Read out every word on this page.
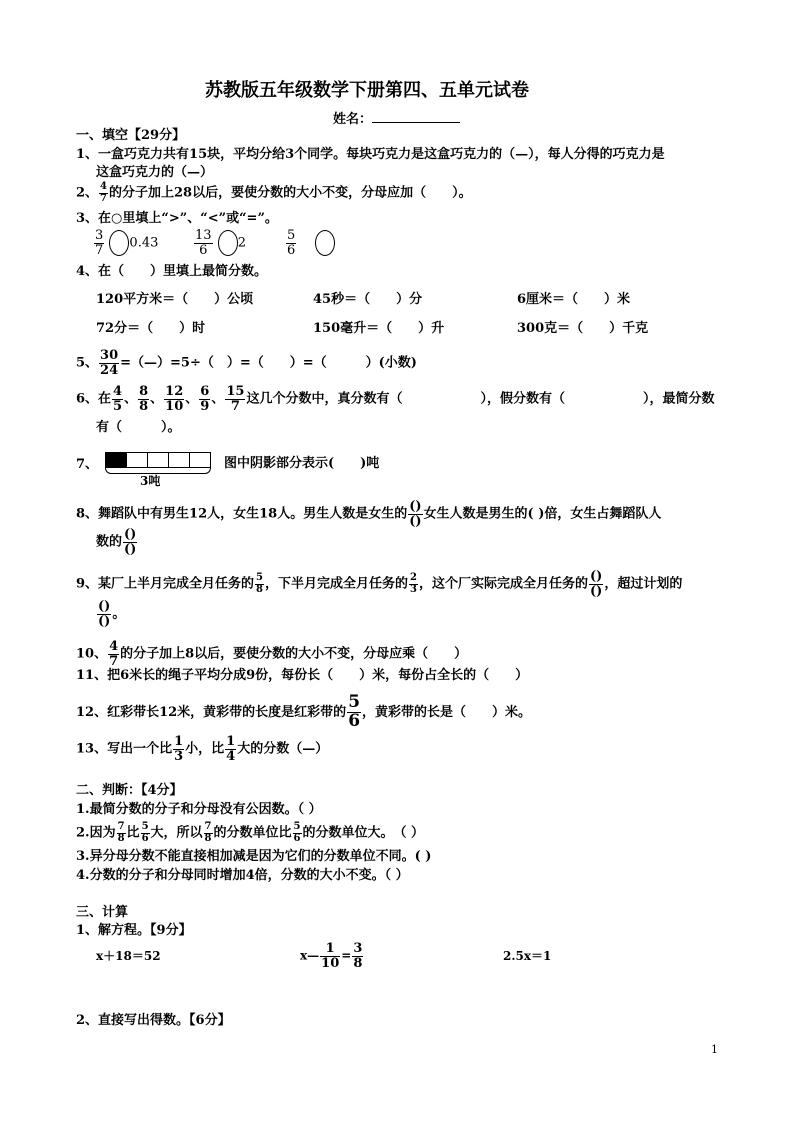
苏教版五年级数学下册第四、五单元试卷
姓名：
一、填空【29分】
1、一盒巧克力共有15块，平均分给3个同学。每块巧克力是这盒巧克力的（—），每人分得的巧克力是
这盒巧克力的（—）
2、 $\frac{4}{7}$ 的分子加上28以后，要使分数的大小不变，分母应加（　　）。
3、在○里填上“>”、“<”或“=”。
$\frac{3}{7} 0.43$	$\frac{13}{6} 2$	$\frac{5}{6}$

4、在（　　）里填上最简分数。
120平方米＝（　　）公顷	45秒＝（　　）分	6厘米＝（　　）米
72分＝（　　）时	150毫升＝（　　）升	300克＝（　　）千克
5、 $\frac{30}{24}$ =（—）=5÷（　）=（　　）=（　　　）(小数)
6、在 $\frac{4}{5}$ 、 $\frac{8}{8}$ 、 $\frac{12}{10}$ 、 $\frac{6}{9}$ 、 $\frac{15}{7}$ 这几个分数中，真分数有（　　　　　　），假分数有（　　　　　　），最简分数
有（　　　）。
7、
3吨
图中阴影部分表示(　　)吨
8、舞蹈队中有男生12人，女生18人。男生人数是女生的 $\frac{()}{()}$ 女生人数是男生的( )倍，女生占舞蹈队人
数的 $\frac{()}{()}$
9、某厂上半月完成全月任务的 $\frac{5}{8}$ ，下半月完成全月任务的 $\frac{2}{3}$ ，这个厂实际完成全月任务的 $\frac{()}{()}$ ，超过计划的
$\frac{()}{()}$ 。
10、 $\frac{4}{7}$ 的分子加上8以后，要使分数的大小不变，分母应乘（　　）
11、把6米长的绳子平均分成9份，每份长（　　）米，每份占全长的（　　）
12、红彩带长12米，黄彩带的长度是红彩带的 $\frac{5}{6}$ ，黄彩带的长是（　　）米。
13、写出一个比 $\frac{1}{3}$ 小，比 $\frac{1}{4}$ 大的分数（—）
二、判断：【4分】
1.最简分数的分子和分母没有公因数。（ ）
2.因为 $\frac{7}{8}$ 比 $\frac{5}{6}$ 大，所以 $\frac{7}{8}$ 的分数单位比 $\frac{5}{6}$ 的分数单位大。　（ ）
3.异分母分数不能直接相加减是因为它们的分数单位不同。( )
4.分数的分子和分母同时增加4倍，分数的大小不变。（ ）
三、计算
1、解方程。【9分】
x＋18＝52	x— $\frac{1}{10} = \frac{3}{8}$	2.5x＝1
2、直接写出得数。【6分】
1
